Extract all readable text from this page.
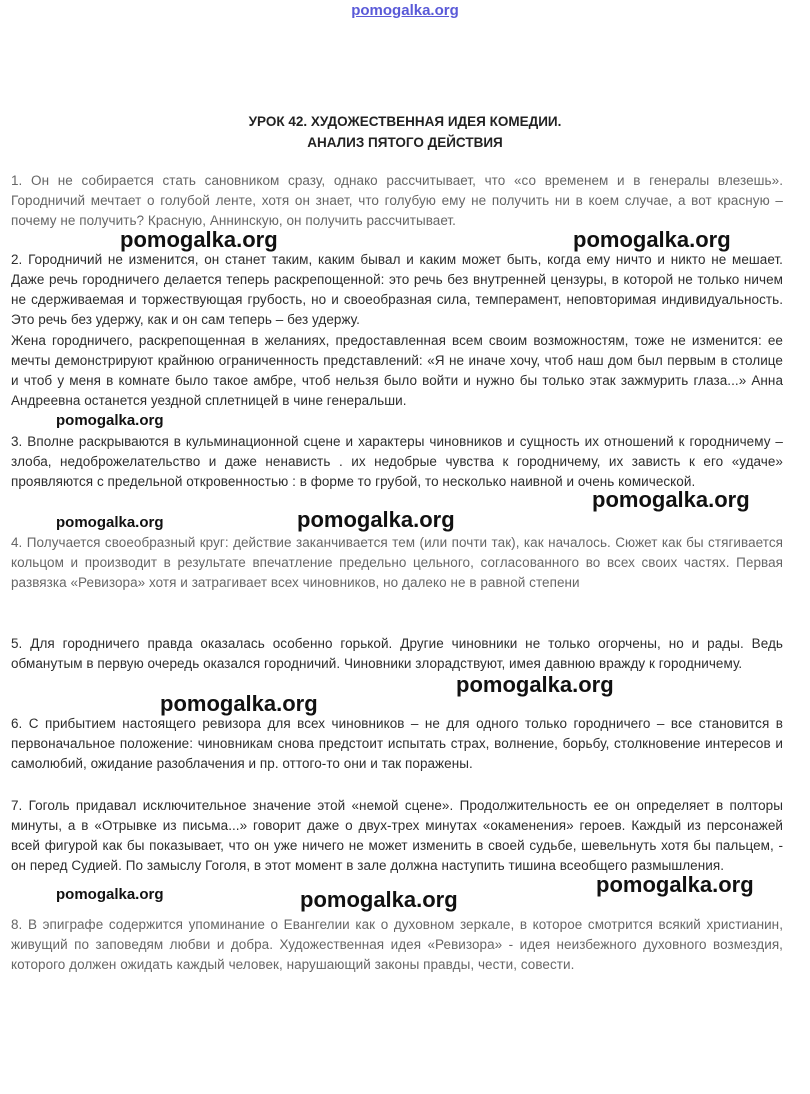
pomogalka.org
УРОК 42. ХУДОЖЕСТВЕННАЯ ИДЕЯ КОМЕДИИ.
АНАЛИЗ ПЯТОГО ДЕЙСТВИЯ
1. Он не собирается стать сановником сразу, однако рассчитывает, что «со временем и в генералы влезешь». Городничий мечтает о голубой ленте, хотя он знает, что голубую ему не получить ни в коем случае, а вот красную – почему не получить? Красную, Аннинскую, он получить рассчитывает.
2. Городничий не изменится, он станет таким, каким бывал и каким может быть, когда ему ничто и никто не мешает. Даже речь городничего делается теперь раскрепощенной: это речь без внутренней цензуры, в которой не только ничем не сдерживаемая и торжествующая грубость, но и своеобразная сила, темперамент, неповторимая индивидуальность. Это речь без удержу, как и он сам теперь – без удержу.
Жена городничего, раскрепощенная в желаниях, предоставленная всем своим возможностям, тоже не изменится: ее мечты демонстрируют крайнюю ограниченность представлений: «Я не иначе хочу, чтоб наш дом был первым в столице и чтоб у меня в комнате было такое амбре, чтоб нельзя было войти и нужно бы только этак зажмурить глаза...» Анна Андреевна останется уездной сплетницей в чине генеральши.
3. Вполне раскрываются в кульминационной сцене и характеры чиновников и сущность их отношений к городничему – злоба, недоброжелательство и даже ненависть . их недобрые чувства к городничему, их зависть к его «удаче» проявляются с предельной откровенностью : в форме то грубой, то несколько наивной и очень комической.
4. Получается своеобразный круг: действие заканчивается тем (или почти так), как началось. Сюжет как бы стягивается кольцом и производит в результате впечатление предельно цельного, согласованного во всех своих частях. Первая развязка «Ревизора» хотя и затрагивает всех чиновников, но далеко не в равной степени
5. Для городничего правда оказалась особенно горькой. Другие чиновники не только огорчены, но и рады. Ведь обманутым в первую очередь оказался городничий. Чиновники злорадствуют, имея давнюю вражду к городничему.
6. С прибытием настоящего ревизора для всех чиновников – не для одного только городничего – все становится в первоначальное положение: чиновникам снова предстоит испытать страх, волнение, борьбу, столкновение интересов и самолюбий, ожидание разоблачения и пр. оттого-то они и так поражены.
7. Гоголь придавал исключительное значение этой «немой сцене». Продолжительность ее он определяет в полторы минуты, а в «Отрывке из письма...» говорит даже о двух-трех минутах «окаменения» героев. Каждый из персонажей всей фигурой как бы показывает, что он уже ничего не может изменить в своей судьбе, шевельнуть хотя бы пальцем, - он перед Судией. По замыслу Гоголя, в этот момент в зале должна наступить тишина всеобщего размышления.
8. В эпиграфе содержится упоминание о Евангелии как о духовном зеркале, в которое смотрится всякий христианин, живущий по заповедям любви и добра. Художественная идея «Ревизора» - идея неизбежного духовного возмездия, которого должен ожидать каждый человек, нарушающий законы правды, чести, совести.
pomogalka.org	pomogalka.org
pomogalka.org
pomogalka.org
pomogalka.org	pomogalka.org
pomogalka.org
pomogalka.org
pomogalka.org
pomogalka.org	pomogalka.org
